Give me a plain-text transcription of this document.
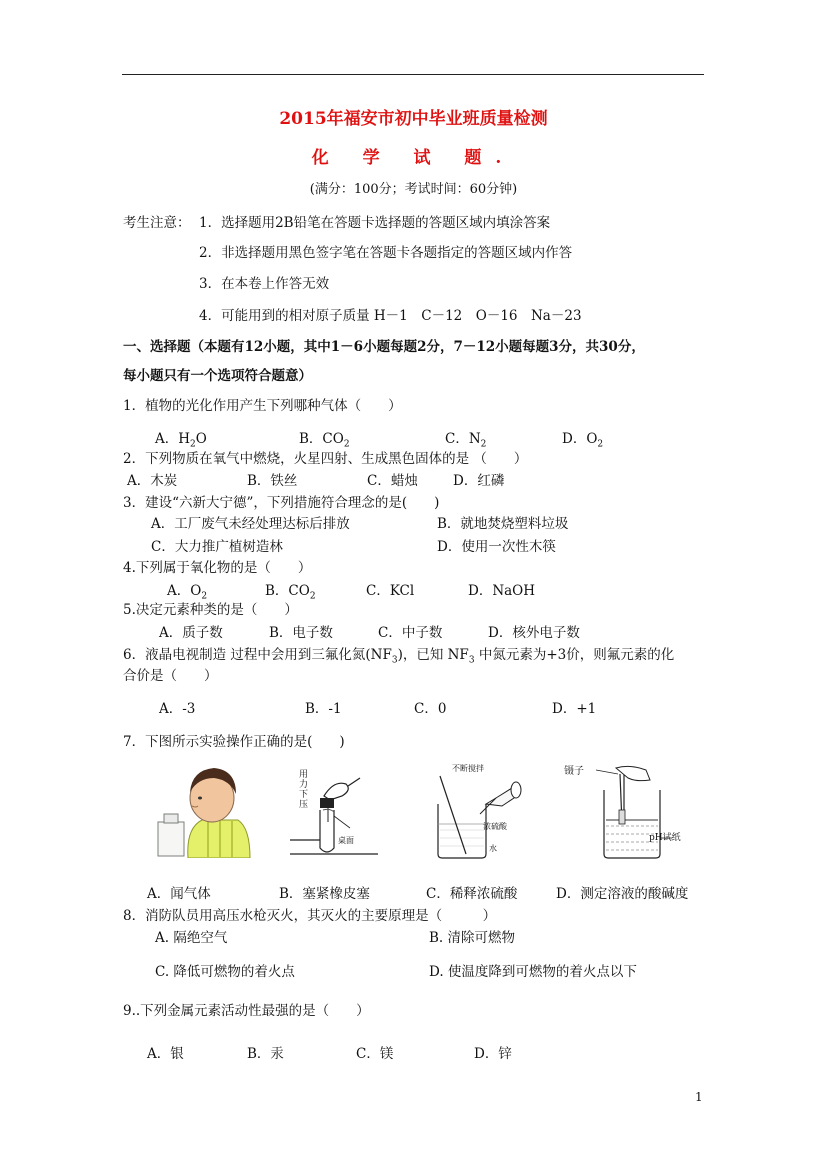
2015年福安市初中毕业班质量检测
化 学 试 题.
(满分：100分；考试时间：60分钟)
考生注意： 1．选择题用2B铅笔在答题卡选择题的答题区域内填涂答案
2．非选择题用黑色签字笔在答题卡各题指定的答题区域内作答
3．在本卷上作答无效
4．可能用到的相对原子质量 H－1　C－12　O－16　Na－23
一、选择题（本题有12小题，其中1－6小题每题2分，7－12小题每题3分，共30分，
每小题只有一个选项符合题意）
1．植物的光化作用产生下列哪种气体（　　）
A．$H_2O$	B．$CO_2$	C．$N_2$	D．$O_2$
2．下列物质在氧气中燃烧，火星四射、生成黑色固体的是 （　　）
A．木炭	B．铁丝	C．蜡烛	D．红磷
3．建设“六新大宁德”，下列措施符合理念的是(　　)
A．工厂废气未经处理达标后排放	B．就地焚烧塑料垃圾
C．大力推广植树造林	D．使用一次性木筷
4.下列属于氧化物的是（　　）
A．$O_2$	B．$CO_2$	C．KCl	D．NaOH
5.决定元素种类的是（　　）
A．质子数	B．电子数	C．中子数	D．核外电子数
6．液晶电视制造 过程中会用到三氟化氮$(NF_3)$，已知 $NF_3$ 中氮元素为+3价，则氟元素的化
合价是（　　）
A．-3	B．-1	C．0	D．+1
7．下图所示实验操作正确的是(　　)
用力下压
桌面
不断搅拌
浓硫酸
水
镊子
pH试纸
A．闻气体	B．塞紧橡皮塞	C．稀释浓硫酸	D．测定溶液的酸碱度
8．消防队员用高压水枪灭火，其灭火的主要原理是（　　　）
A. 隔绝空气	B. 清除可燃物
C. 降低可燃物的着火点	D. 使温度降到可燃物的着火点以下
9..下列金属元素活动性最强的是（　　）
A．银	B．汞	C．镁	D．锌
1
